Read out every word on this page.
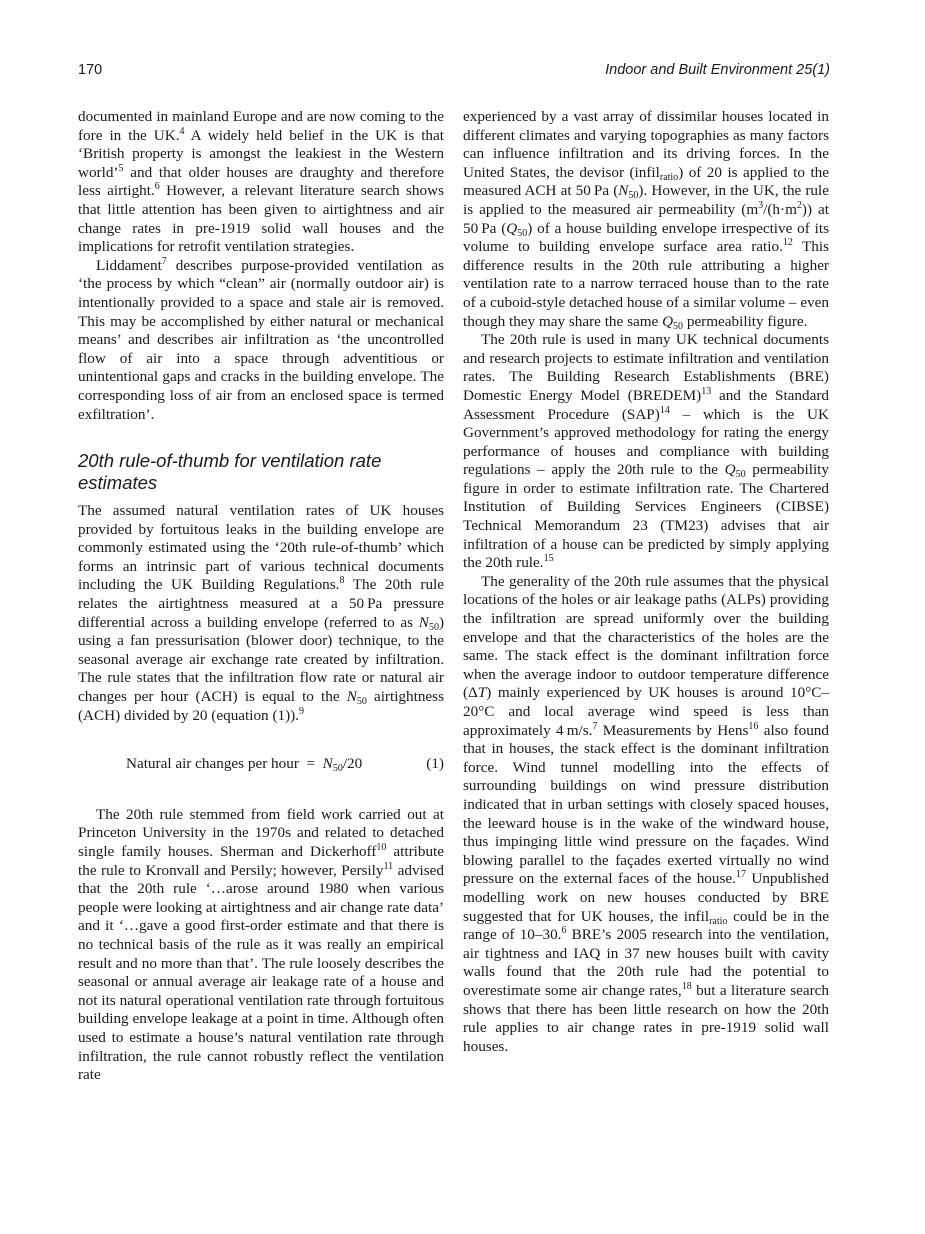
170	Indoor and Built Environment 25(1)

documented in mainland Europe and are now coming to the fore in the UK.$^4$ A widely held belief in the UK is that ‘British property is amongst the leakiest in the Western world’$^5$ and that older houses are draughty and therefore less airtight.$^6$ However, a relevant literature search shows that little attention has been given to airtightness and air change rates in pre-1919 solid wall houses and the implications for retrofit ventilation strategies.

Liddament$^7$ describes purpose-provided ventilation as ‘the process by which “clean” air (normally outdoor air) is intentionally provided to a space and stale air is removed. This may be accomplished by either natural or mechanical means’ and describes air infiltration as ‘the uncontrolled flow of air into a space through adventitious or unintentional gaps and cracks in the building envelope. The corresponding loss of air from an enclosed space is termed exfiltration’.

20th rule-of-thumb for ventilation rate estimates

The assumed natural ventilation rates of UK houses provided by fortuitous leaks in the building envelope are commonly estimated using the ‘20th rule-of-thumb’ which forms an intrinsic part of various technical documents including the UK Building Regulations.$^8$ The 20th rule relates the airtightness measured at a 50 Pa pressure differential across a building envelope (referred to as $N_{50}$) using a fan pressurisation (blower door) technique, to the seasonal average air exchange rate created by infiltration. The rule states that the infiltration flow rate or natural air changes per hour (ACH) is equal to the $N_{50}$ airtightness (ACH) divided by 20 (equation (1)).$^9$

Natural air changes per hour = $N_{50}/20$	(1)

The 20th rule stemmed from field work carried out at Princeton University in the 1970s and related to detached single family houses. Sherman and Dickerhoff$^{10}$ attribute the rule to Kronvall and Persily; however, Persily$^{11}$ advised that the 20th rule ‘…arose around 1980 when various people were looking at airtightness and air change rate data’ and it ‘…gave a good first-order estimate and that there is no technical basis of the rule as it was really an empirical result and no more than that’. The rule loosely describes the seasonal or annual average air leakage rate of a house and not its natural operational ventilation rate through fortuitous building envelope leakage at a point in time. Although often used to estimate a house’s natural ventilation rate through infiltration, the rule cannot robustly reflect the ventilation rate

experienced by a vast array of dissimilar houses located in different climates and varying topographies as many factors can influence infiltration and its driving forces. In the United States, the devisor (infil$_{ratio}$) of 20 is applied to the measured ACH at 50 Pa $(N_{50})$. However, in the UK, the rule is applied to the measured air permeability $(m^3/(h\cdot m^2))$ at 50 Pa $(Q_{50})$ of a house building envelope irrespective of its volume to building envelope surface area ratio.$^{12}$ This difference results in the 20th rule attributing a higher ventilation rate to a narrow terraced house than to the rate of a cuboid-style detached house of a similar volume – even though they may share the same $Q_{50}$ permeability figure.

The 20th rule is used in many UK technical documents and research projects to estimate infiltration and ventilation rates. The Building Research Establishments (BRE) Domestic Energy Model (BREDEM)$^{13}$ and the Standard Assessment Procedure (SAP)$^{14}$ – which is the UK Government’s approved methodology for rating the energy performance of houses and compliance with building regulations – apply the 20th rule to the $Q_{50}$ permeability figure in order to estimate infiltration rate. The Chartered Institution of Building Services Engineers (CIBSE) Technical Memorandum 23 (TM23) advises that air infiltration of a house can be predicted by simply applying the 20th rule.$^{15}$

The generality of the 20th rule assumes that the physical locations of the holes or air leakage paths (ALPs) providing the infiltration are spread uniformly over the building envelope and that the characteristics of the holes are the same. The stack effect is the dominant infiltration force when the average indoor to outdoor temperature difference (ΔT) mainly experienced by UK houses is around 10°C–20°C and local average wind speed is less than approximately 4 m/s.$^7$ Measurements by Hens$^{16}$ also found that in houses, the stack effect is the dominant infiltration force. Wind tunnel modelling into the effects of surrounding buildings on wind pressure distribution indicated that in urban settings with closely spaced houses, the leeward house is in the wake of the windward house, thus impinging little wind pressure on the façades. Wind blowing parallel to the façades exerted virtually no wind pressure on the external faces of the house.$^{17}$ Unpublished modelling work on new houses conducted by BRE suggested that for UK houses, the infil$_{ratio}$ could be in the range of 10–30.$^6$ BRE’s 2005 research into the ventilation, air tightness and IAQ in 37 new houses built with cavity walls found that the 20th rule had the potential to overestimate some air change rates,$^{18}$ but a literature search shows that there has been little research on how the 20th rule applies to air change rates in pre-1919 solid wall houses.
